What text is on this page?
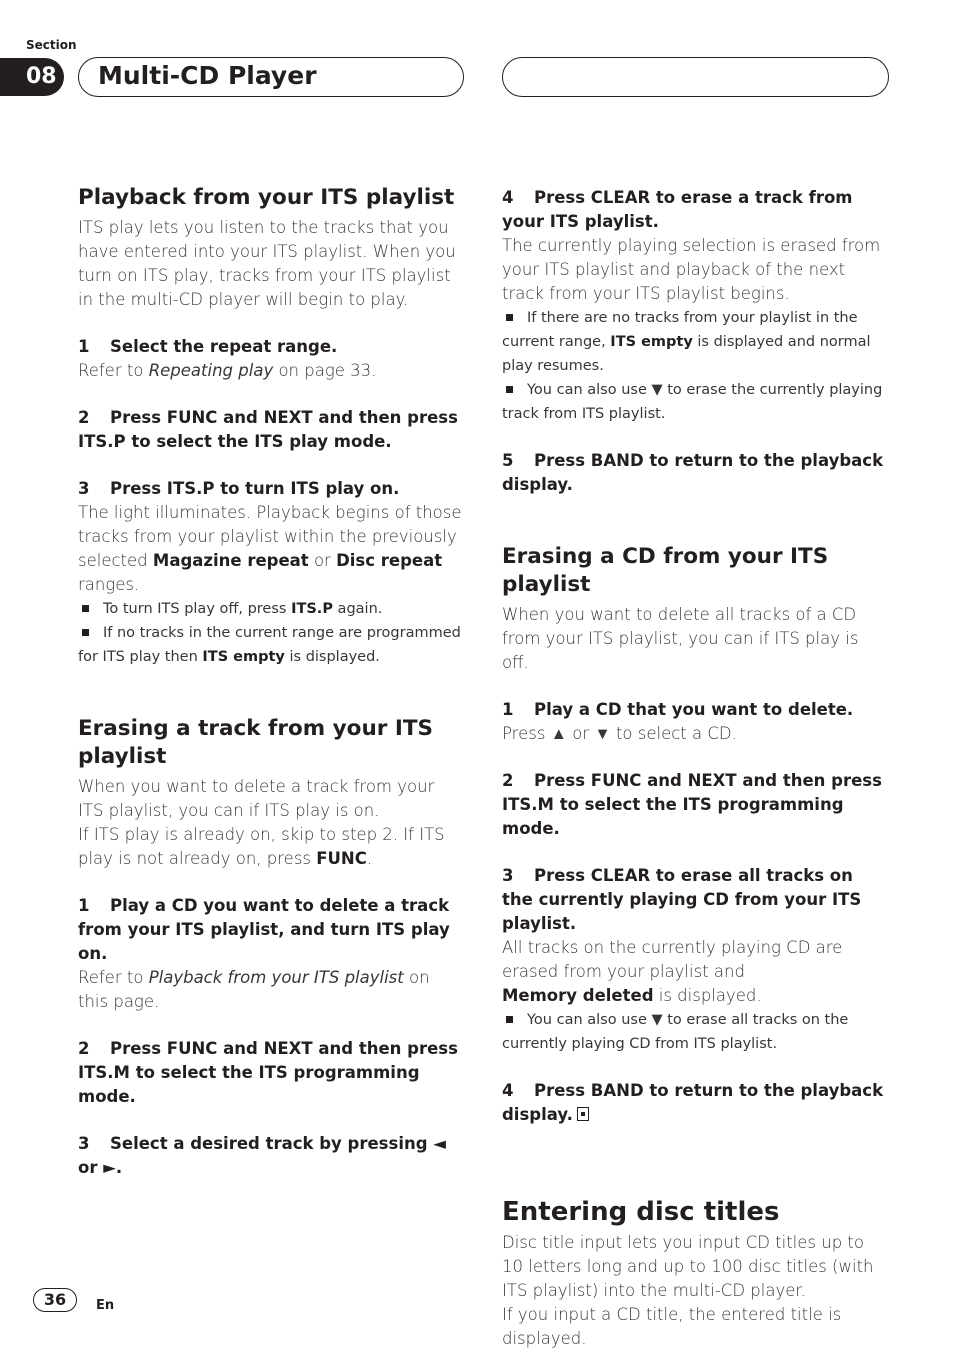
Section
08 Multi-CD Player
Playback from your ITS playlist

ITS play lets you listen to the tracks that you have entered into your ITS playlist. When you turn on ITS play, tracks from your ITS playlist in the multi-CD player will begin to play.

1 Select the repeat range.

Refer to Repeating play on page 33.

2 Press FUNC and NEXT and then press ITS.P to select the ITS play mode.
3 Press ITS.P to turn ITS play on.

The light illuminates. Playback begins of those tracks from your playlist within the previously selected Magazine repeat or Disc repeat ranges.

To turn ITS play off, press ITS.P again.
If no tracks in the current range are programmed for ITS play then ITS empty is displayed.
Erasing a track from your ITS playlist

When you want to delete a track from your ITS playlist, you can if ITS play is on.

If ITS play is already on, skip to step 2. If ITS play is not already on, press FUNC.

1 Play a CD you want to delete a track from your ITS playlist, and turn ITS play on.

Refer to Playback from your ITS playlist on this page.

2 Press FUNC and NEXT and then press ITS.M to select the ITS programming mode.
3 Select a desired track by pressing ◄ or ►.
4 Press CLEAR to erase a track from your ITS playlist.

The currently playing selection is erased from your ITS playlist and playback of the next track from your ITS playlist begins.

If there are no tracks from your playlist in the current range, ITS empty is displayed and normal play resumes.
You can also use ▼ to erase the currently playing track from ITS playlist.
5 Press BAND to return to the playback display.
Erasing a CD from your ITS playlist

When you want to delete all tracks of a CD from your ITS playlist, you can if ITS play is off.

1 Play a CD that you want to delete.

Press ▲ or ▼ to select a CD.

2 Press FUNC and NEXT and then press ITS.M to select the ITS programming mode.
3 Press CLEAR to erase all tracks on the currently playing CD from your ITS playlist.

All tracks on the currently playing CD are erased from your playlist and

Memory deleted is displayed.

You can also use ▼ to erase all tracks on the currently playing CD from ITS playlist.
4 Press BAND to return to the playback display.
Entering disc titles

Disc title input lets you input CD titles up to 10 letters long and up to 100 disc titles (with ITS playlist) into the multi-CD player.

If you input a CD title, the entered title is displayed.

36	En
